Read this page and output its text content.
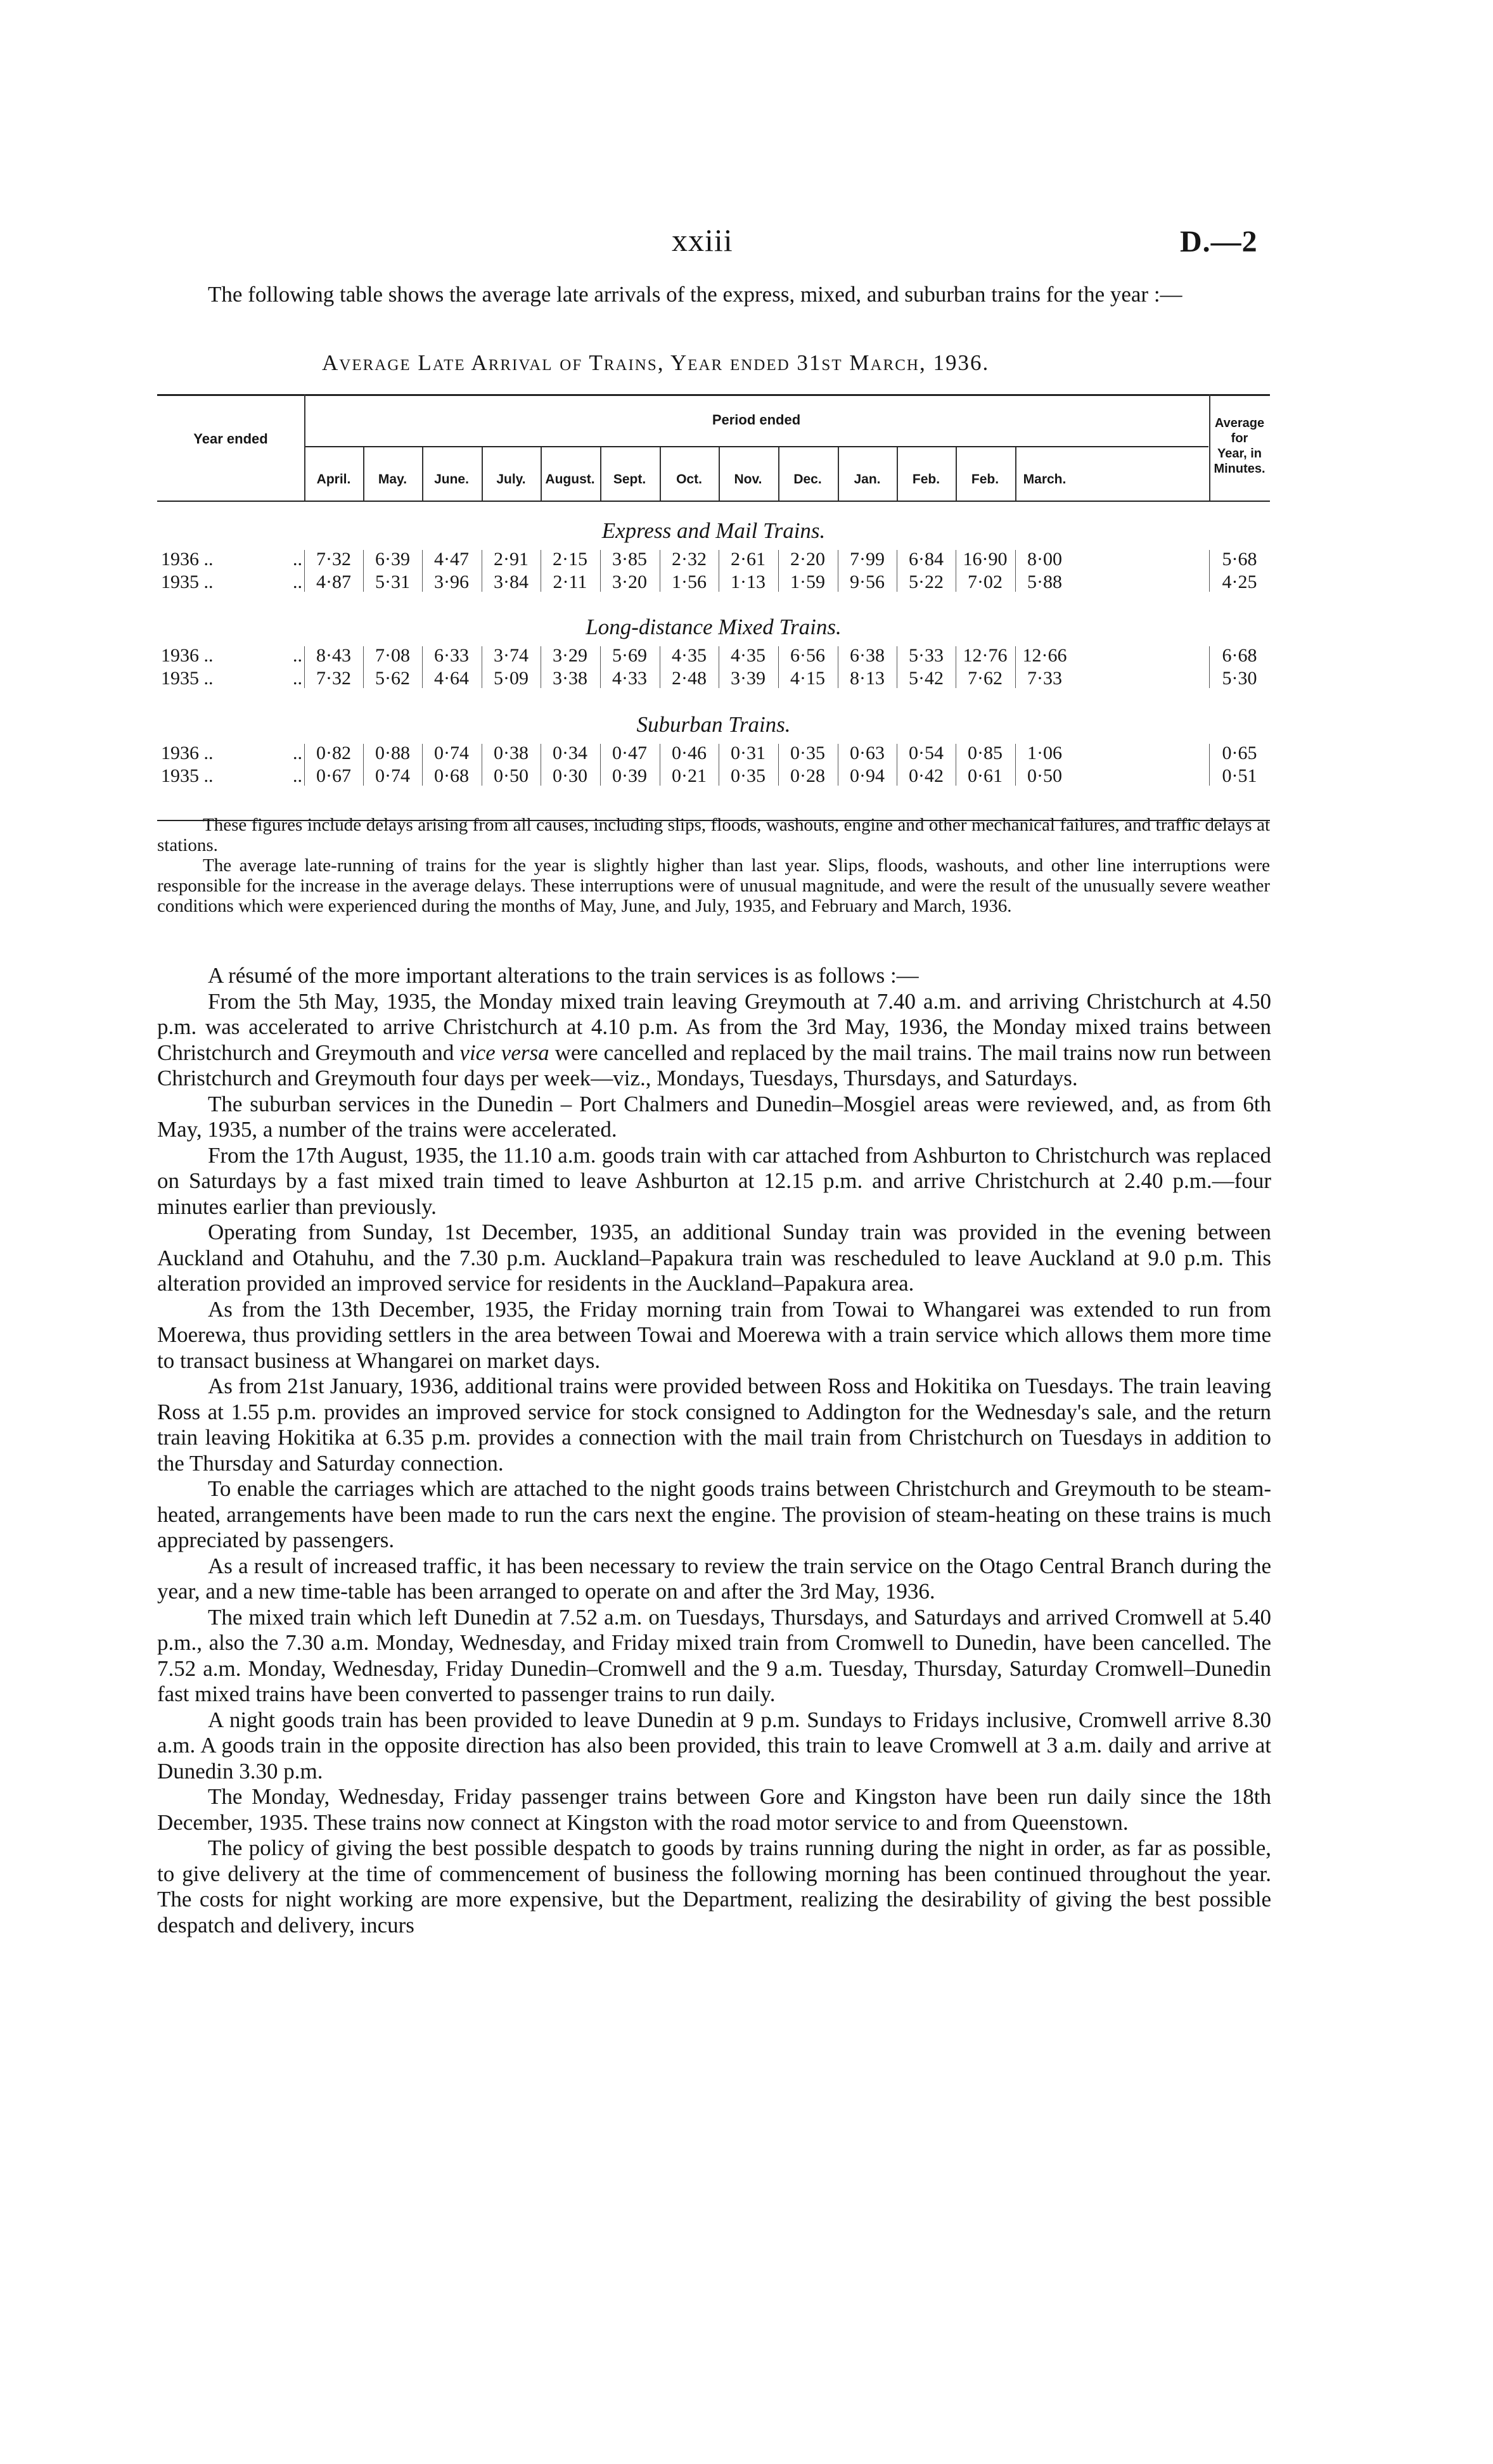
xxiii	D.—2

The following table shows the average late arrivals of the express, mixed, and suburban trains for the year :—

Average Late Arrival of Trains, Year ended 31st March, 1936.
Year ended
Period ended	Average
for
Year, in
Minutes.
April.	May.	June.	July.	August.	Sept.	Oct.	Nov.	Dec.	Jan.	Feb.	Feb.	March.
Express and Mail Trains.
1936 ..	.. 7·32	6·39	4·47	2·91	2·15	3·85	2·32	2·61	2·20	7·99	6·84	16·90	8·00	5·68
1935 ..	.. 4·87	5·31	3·96	3·84	2·11	3·20	1·56	1·13	1·59	9·56	5·22	7·02	5·88	4·25
Long-distance Mixed Trains.
1936 ..	.. 8·43	7·08	6·33	3·74	3·29	5·69	4·35	4·35	6·56	6·38	5·33	12·76 12·66	6·68
1935 ..	.. 7·32	5·62	4·64	5·09	3·38	4·33	2·48	3·39	4·15	8·13	5·42	7·62	7·33	5·30
Suburban Trains.
1936 ..	.. 0·82	0·88	0·74	0·38	0·34	0·47	0·46	0·31	0·35	0·63	0·54	0·85	1·06	0·65
1935 ..	.. 0·67	0·74	0·68	0·50	0·30	0·39	0·21	0·35	0·28	0·94	0·42	0·61	0·50	0·51

These figures include delays arising from all causes, including slips, floods, washouts, engine and other mechanical failures, and traffic delays at stations.

The average late-running of trains for the year is slightly higher than last year. Slips, floods, washouts, and other line interruptions were responsible for the increase in the average delays. These interruptions were of unusual magnitude, and were the result of the unusually severe weather conditions which were experienced during the months of May, June, and July, 1935, and February and March, 1936.

A résumé of the more important alterations to the train services is as follows :—

From the 5th May, 1935, the Monday mixed train leaving Greymouth at 7.40 a.m. and arriving Christchurch at 4.50 p.m. was accelerated to arrive Christchurch at 4.10 p.m. As from the 3rd May, 1936, the Monday mixed trains between Christchurch and Greymouth and vice versa were cancelled and replaced by the mail trains. The mail trains now run between Christchurch and Greymouth four days per week—viz., Mondays, Tuesdays, Thursdays, and Saturdays.

The suburban services in the Dunedin – Port Chalmers and Dunedin–Mosgiel areas were reviewed, and, as from 6th May, 1935, a number of the trains were accelerated.

From the 17th August, 1935, the 11.10 a.m. goods train with car attached from Ashburton to Christchurch was replaced on Saturdays by a fast mixed train timed to leave Ashburton at 12.15 p.m. and arrive Christchurch at 2.40 p.m.—four minutes earlier than previously.

Operating from Sunday, 1st December, 1935, an additional Sunday train was provided in the evening between Auckland and Otahuhu, and the 7.30 p.m. Auckland–Papakura train was rescheduled to leave Auckland at 9.0 p.m. This alteration provided an improved service for residents in the Auckland–Papakura area.

As from the 13th December, 1935, the Friday morning train from Towai to Whangarei was extended to run from Moerewa, thus providing settlers in the area between Towai and Moerewa with a train service which allows them more time to transact business at Whangarei on market days.

As from 21st January, 1936, additional trains were provided between Ross and Hokitika on Tuesdays. The train leaving Ross at 1.55 p.m. provides an improved service for stock consigned to Addington for the Wednesday's sale, and the return train leaving Hokitika at 6.35 p.m. provides a connection with the mail train from Christchurch on Tuesdays in addition to the Thursday and Saturday connection.

To enable the carriages which are attached to the night goods trains between Christchurch and Greymouth to be steam-heated, arrangements have been made to run the cars next the engine. The provision of steam-heating on these trains is much appreciated by passengers.

As a result of increased traffic, it has been necessary to review the train service on the Otago Central Branch during the year, and a new time-table has been arranged to operate on and after the 3rd May, 1936.

The mixed train which left Dunedin at 7.52 a.m. on Tuesdays, Thursdays, and Saturdays and arrived Cromwell at 5.40 p.m., also the 7.30 a.m. Monday, Wednesday, and Friday mixed train from Cromwell to Dunedin, have been cancelled. The 7.52 a.m. Monday, Wednesday, Friday Dunedin–Cromwell and the 9 a.m. Tuesday, Thursday, Saturday Cromwell–Dunedin fast mixed trains have been converted to passenger trains to run daily.

A night goods train has been provided to leave Dunedin at 9 p.m. Sundays to Fridays inclusive, Cromwell arrive 8.30 a.m. A goods train in the opposite direction has also been provided, this train to leave Cromwell at 3 a.m. daily and arrive at Dunedin 3.30 p.m.

The Monday, Wednesday, Friday passenger trains between Gore and Kingston have been run daily since the 18th December, 1935. These trains now connect at Kingston with the road motor service to and from Queenstown.

The policy of giving the best possible despatch to goods by trains running during the night in order, as far as possible, to give delivery at the time of commencement of business the following morning has been continued throughout the year. The costs for night working are more expensive, but the Department, realizing the desirability of giving the best possible despatch and delivery, incurs
